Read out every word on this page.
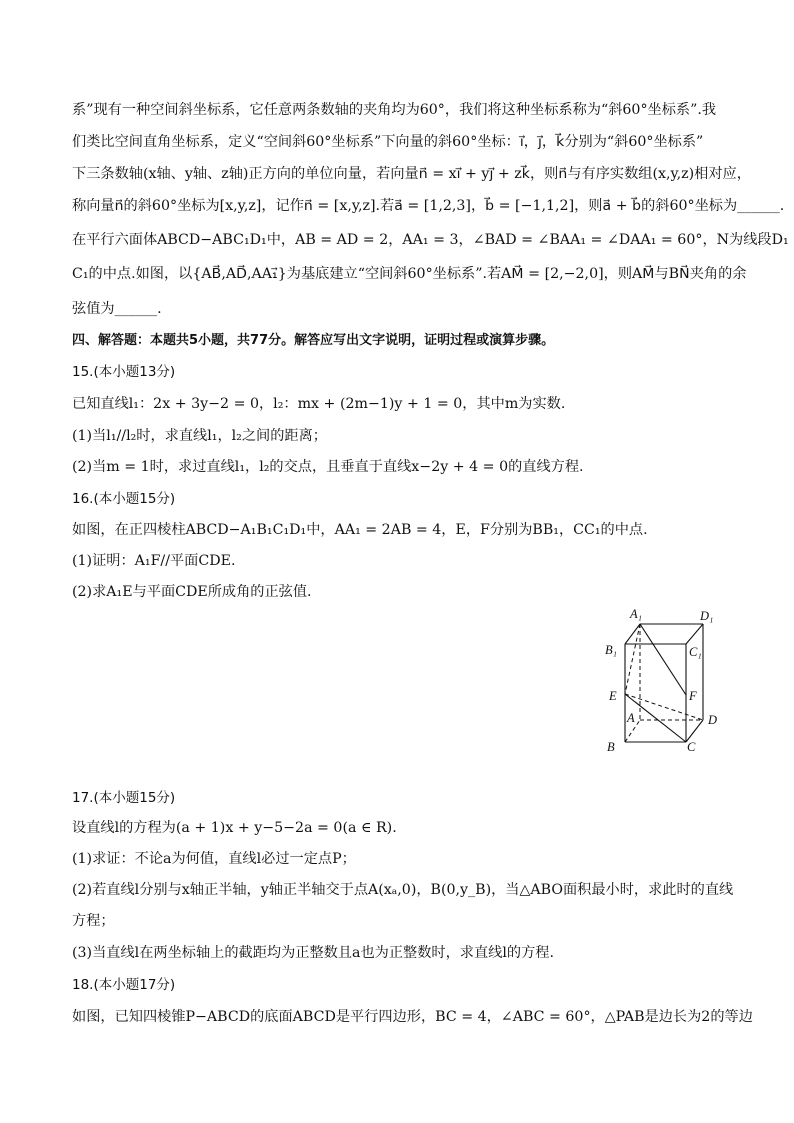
系”现有一种空间斜坐标系，它任意两条数轴的夹角均为60°，我们将这种坐标系称为“斜60°坐标系”.我
们类比空间直角坐标系，定义“空间斜60°坐标系”下向量的斜60°坐标：i⃗，j⃗，k⃗分别为“斜60°坐标系”
下三条数轴(x轴、y轴、z轴)正方向的单位向量，若向量n⃗ = xi⃗ + yj⃗ + zk⃗，则n⃗与有序实数组(x,y,z)相对应，
称向量n⃗的斜60°坐标为[x,y,z]，记作n⃗ = [x,y,z].若a⃗ = [1,2,3]，b⃗ = [−1,1,2]，则a⃗ + b⃗的斜60°坐标为______.
在平行六面体ABCD−ABC₁D₁中，AB = AD = 2，AA₁ = 3，∠BAD = ∠BAA₁ = ∠DAA₁ = 60°，N为线段D₁
C₁的中点.如图，以{AB⃗,AD⃗,AA₁⃗}为基底建立“空间斜60°坐标系”.若AM⃗ = [2,−2,0]，则AM⃗与BN⃗夹角的余
弦值为______.
四、解答题：本题共5小题，共77分。解答应写出文字说明，证明过程或演算步骤。
15.(本小题13分)
已知直线l₁：2x + 3y−2 = 0，l₂：mx + (2m−1)y + 1 = 0，其中m为实数.
(1)当l₁//l₂时，求直线l₁，l₂之间的距离；
(2)当m = 1时，求过直线l₁，l₂的交点，且垂直于直线x−2y + 4 = 0的直线方程.
16.(本小题15分)
如图，在正四棱柱ABCD−A₁B₁C₁D₁中，AA₁ = 2AB = 4，E，F分别为BB₁，CC₁的中点.
(1)证明：A₁F//平面CDE.
(2)求A₁E与平面CDE所成角的正弦值.
17.(本小题15分)
设直线l的方程为(a + 1)x + y−5−2a = 0(a ∈ R).
(1)求证：不论a为何值，直线l必过一定点P；
(2)若直线l分别与x轴正半轴，y轴正半轴交于点A(xₐ,0)，B(0,y_B)，当△ABO面积最小时，求此时的直线
方程；
(3)当直线l在两坐标轴上的截距均为正整数且a也为正整数时，求直线l的方程.
18.(本小题17分)
如图，已知四棱锥P−ABCD的底面ABCD是平行四边形，BC = 4，∠ABC = 60°，△PAB是边长为2的等边
A₁	D₁
B₁	C₁
E	F
A	D
B	C
